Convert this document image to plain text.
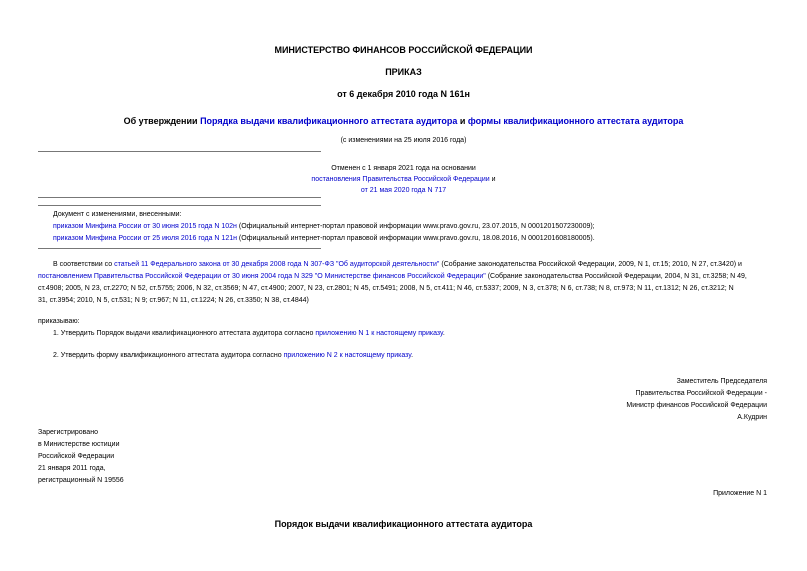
МИНИСТЕРСТВО ФИНАНСОВ РОССИЙСКОЙ ФЕДЕРАЦИИ
ПРИКАЗ
от 6 декабря 2010 года N 161н
Об утверждении Порядка выдачи квалификационного аттестата аудитора и формы квалификационного аттестата аудитора
(с изменениями на 25 июля 2016 года)
Отменен с 1 января 2021 года на основании
постановления Правительства Российской Федерации и
от 21 мая 2020 года N 717
Документ с изменениями, внесенными:
приказом Минфина России от 30 июня 2015 года N 102н (Официальный интернет-портал правовой информации www.pravo.gov.ru, 23.07.2015, N 0001201507230009);
приказом Минфина России от 25 июля 2016 года N 121н (Официальный интернет-портал правовой информации www.pravo.gov.ru, 18.08.2016, N 0001201608180005).
В соответствии со статьей 11 Федерального закона от 30 декабря 2008 года N 307-ФЗ "Об аудиторской деятельности" (Собрание законодательства Российской Федерации, 2009, N 1, ст.15; 2010, N 27, ст.3420) и
постановлением Правительства Российской Федерации от 30 июня 2004 года N 329 "О Министерстве финансов Российской Федерации" (Собрание законодательства Российской Федерации, 2004, N 31, ст.3258; N 49,
ст.4908; 2005, N 23, ст.2270; N 52, ст.5755; 2006, N 32, ст.3569; N 47, ст.4900; 2007, N 23, ст.2801; N 45, ст.5491; 2008, N 5, ст.411; N 46, ст.5337; 2009, N 3, ст.378; N 6, ст.738; N 8, ст.973; N 11, ст.1312; N 26, ст.3212; N
31, ст.3954; 2010, N 5, ст.531; N 9; ст.967; N 11, ст.1224; N 26, ст.3350; N 38, ст.4844)
приказываю:
1. Утвердить Порядок выдачи квалификационного аттестата аудитора согласно приложению N 1 к настоящему приказу.
2. Утвердить форму квалификационного аттестата аудитора согласно приложению N 2 к настоящему приказу.
Заместитель Председателя
Правительства Российской Федерации -
Министр финансов Российской Федерации
А.Кудрин
Зарегистрировано
в Министерстве юстиции
Российской Федерации
21 января 2011 года,
регистрационный N 19556
Приложение N 1
Порядок выдачи квалификационного аттестата аудитора
